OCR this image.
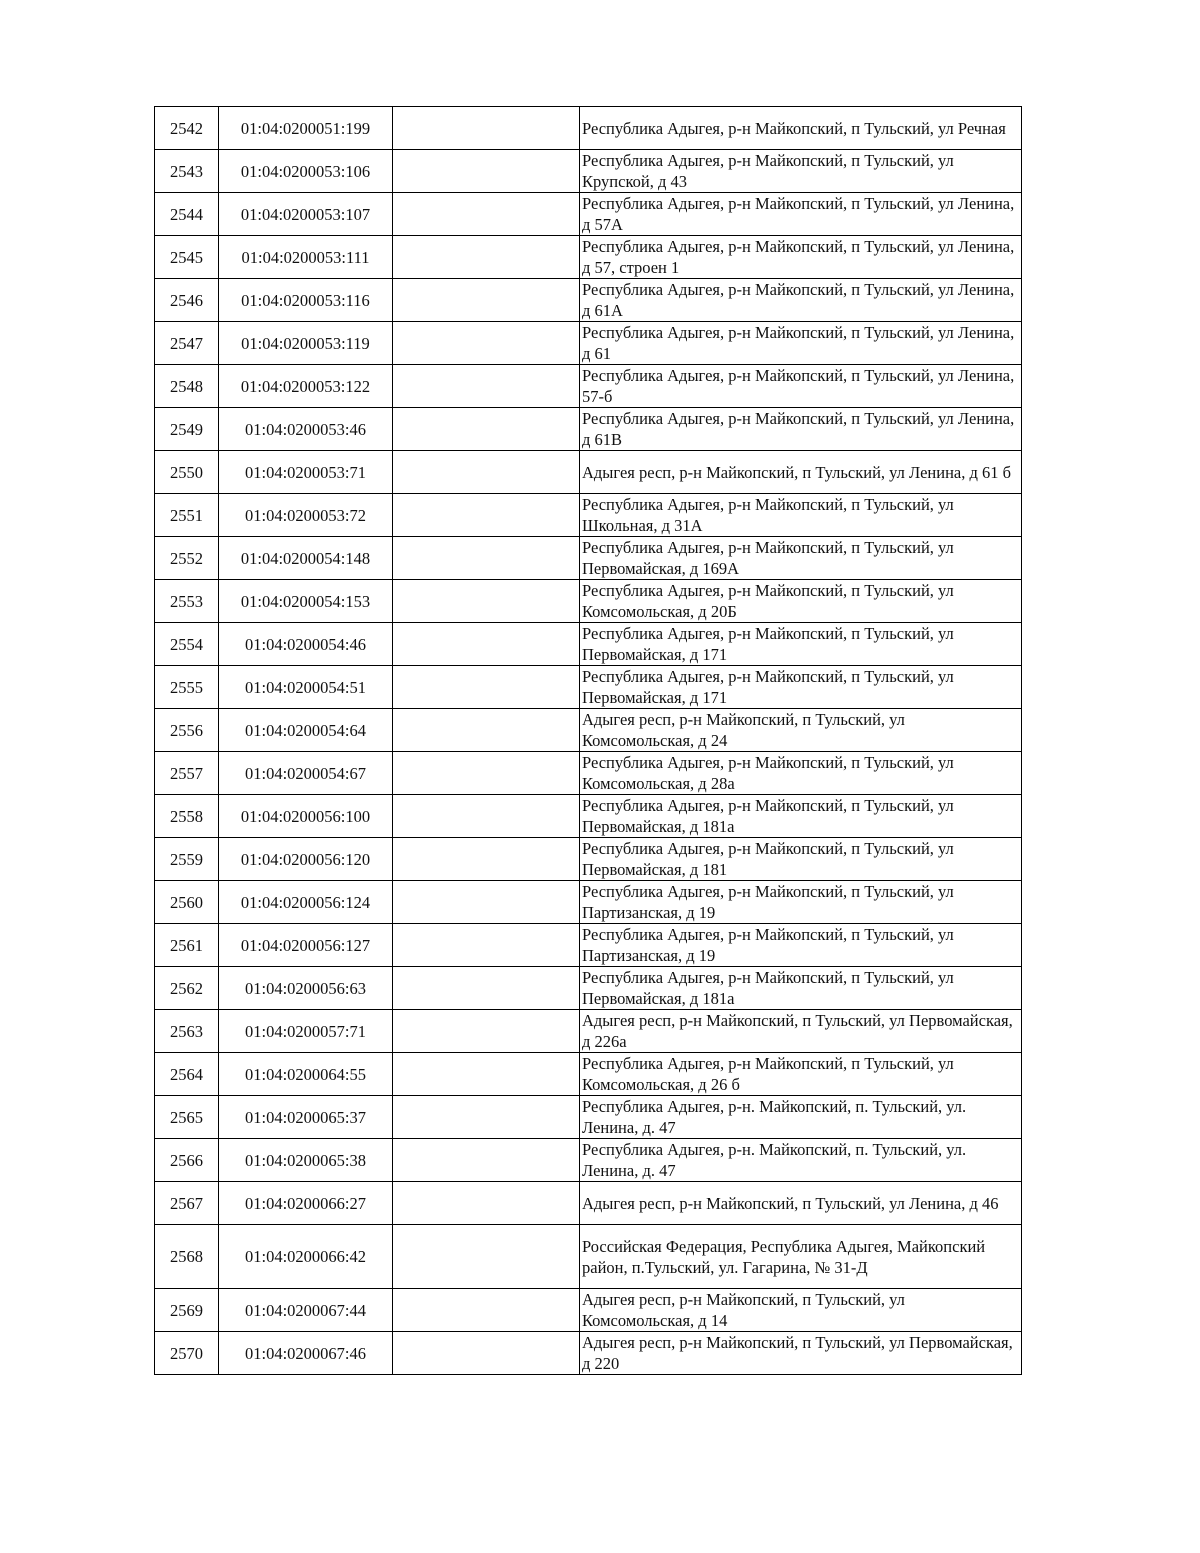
2542	01:04:0200051:199		Республика Адыгея, р-н Майкопский, п Тульский, ул Речная

2543	01:04:0200053:106		Республика Адыгея, р-н Майкопский, п Тульский, ул Крупской, д 43

2544	01:04:0200053:107		Республика Адыгея, р-н Майкопский, п Тульский, ул Ленина, д 57А

2545	01:04:0200053:111		Республика Адыгея, р-н Майкопский, п Тульский, ул Ленина, д 57, строен 1

2546	01:04:0200053:116		Республика Адыгея, р-н Майкопский, п Тульский, ул Ленина, д 61А

2547	01:04:0200053:119		Республика Адыгея, р-н Майкопский, п Тульский, ул Ленина, д 61

2548	01:04:0200053:122		Республика Адыгея, р-н Майкопский, п Тульский, ул Ленина, 57-б

2549	01:04:0200053:46		Республика Адыгея, р-н Майкопский, п Тульский, ул Ленина, д 61В

2550	01:04:0200053:71		Адыгея респ, р-н Майкопский, п Тульский, ул Ленина, д 61 б

2551	01:04:0200053:72		Республика Адыгея, р-н Майкопский, п Тульский, ул Школьная, д 31А

2552	01:04:0200054:148		Республика Адыгея, р-н Майкопский, п Тульский, ул Первомайская, д 169А

2553	01:04:0200054:153		Республика Адыгея, р-н Майкопский, п Тульский, ул Комсомольская, д 20Б

2554	01:04:0200054:46		Республика Адыгея, р-н Майкопский, п Тульский, ул Первомайская, д 171

2555	01:04:0200054:51		Республика Адыгея, р-н Майкопский, п Тульский, ул Первомайская, д 171

2556	01:04:0200054:64		Адыгея респ, р-н Майкопский, п Тульский, ул Комсомольская, д 24

2557	01:04:0200054:67		Республика Адыгея, р-н Майкопский, п Тульский, ул Комсомольская, д 28а

2558	01:04:0200056:100		Республика Адыгея, р-н Майкопский, п Тульский, ул Первомайская, д 181а

2559	01:04:0200056:120		Республика Адыгея, р-н Майкопский, п Тульский, ул Первомайская, д 181

2560	01:04:0200056:124		Республика Адыгея, р-н Майкопский, п Тульский, ул Партизанская, д 19

2561	01:04:0200056:127		Республика Адыгея, р-н Майкопский, п Тульский, ул Партизанская, д 19

2562	01:04:0200056:63		Республика Адыгея, р-н Майкопский, п Тульский, ул Первомайская, д 181а

2563	01:04:0200057:71		Адыгея респ, р-н Майкопский, п Тульский, ул Первомайская, д 226а

2564	01:04:0200064:55		Республика Адыгея, р-н Майкопский, п Тульский, ул Комсомольская, д 26 б

2565	01:04:0200065:37		Республика Адыгея, р-н. Майкопский, п. Тульский, ул. Ленина, д. 47

2566	01:04:0200065:38		Республика Адыгея, р-н. Майкопский, п. Тульский, ул. Ленина, д. 47

2567	01:04:0200066:27		Адыгея респ, р-н Майкопский, п Тульский, ул Ленина, д 46

2568	01:04:0200066:42		Российская Федерация, Республика Адыгея, Майкопский район, п.Тульский, ул. Гагарина, № 31-Д

2569	01:04:0200067:44		Адыгея респ, р-н Майкопский, п Тульский, ул Комсомольская, д 14

2570	01:04:0200067:46		Адыгея респ, р-н Майкопский, п Тульский, ул Первомайская, д 220
